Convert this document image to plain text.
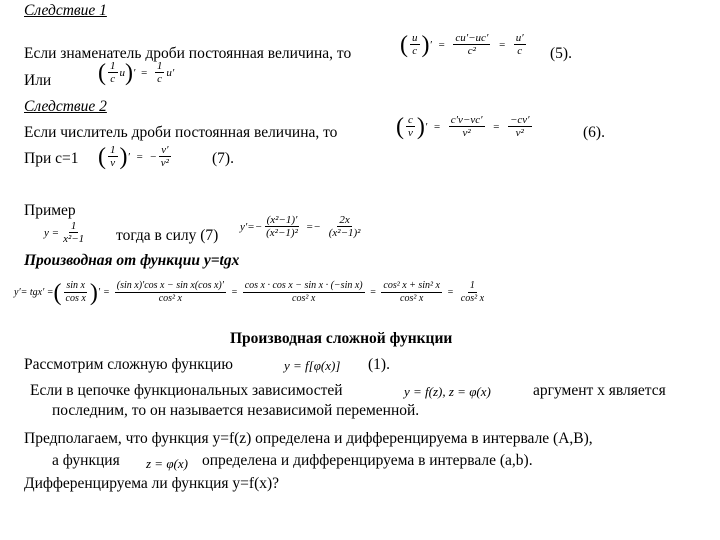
Следствие 1
Если знаменатель дроби постоянная величина, то ( $\frac{u}{c}$ ) ′ = $\frac{cu'-uc'}{\text{c²}} = \frac{u'}{c} (5)$.
Или ( $\frac{1}{c}$ u ) ′ = $\frac{1}{c} u'$
Следствие 2
Если числитель дроби постоянная величина, то ( $\frac{c}{v}$ ) ′ = $\frac{c'v-vc'}{\text{v²}} = \frac{-cv'}{\text{v²}}$	(6).
При с=1 ( $\frac{1}{v}$ ) ′ = − $\frac{v'}{\text{v²}}$	(7).
Пример
$y = \frac{1}{\text{x²−1}}$ тогда в силу (7)
$y'=- \frac{\text{(x²−1)′}}{\text{(x²−1)²}} =- \frac{2x}{\text{(x²−1)²}}$
Производная от функции y=tgx
y′= tgx′ = ( $\frac{\text{sin x}}{\text{cos x}}$ ) ′ = $\frac{\text{(sin x)′cos x − sin x(cos x)′}}{\text{cos² x}} = \frac{\text{cos x · cos x − sin x · (−sin x)}}{\text{cos² x}} = \frac{\text{cos² x + sin² x}}{\text{cos² x}} = \frac{1}{\text{cos² x}}$
Производная сложной функции
Рассмотрим сложную функцию	y = f[φ(x)] (1).
Если в цепочке функциональных зависимостей	y = f(z), z = φ(x)	аргумент x является
последним, то он называется независимой переменной.
Предполагаем, что функция y=f(z) определена и дифференцируема в интервале (A,B),
а функция z = φ(x) определена и дифференцируема в интервале (a,b).
Дифференцируема ли функция y=f(x)?
